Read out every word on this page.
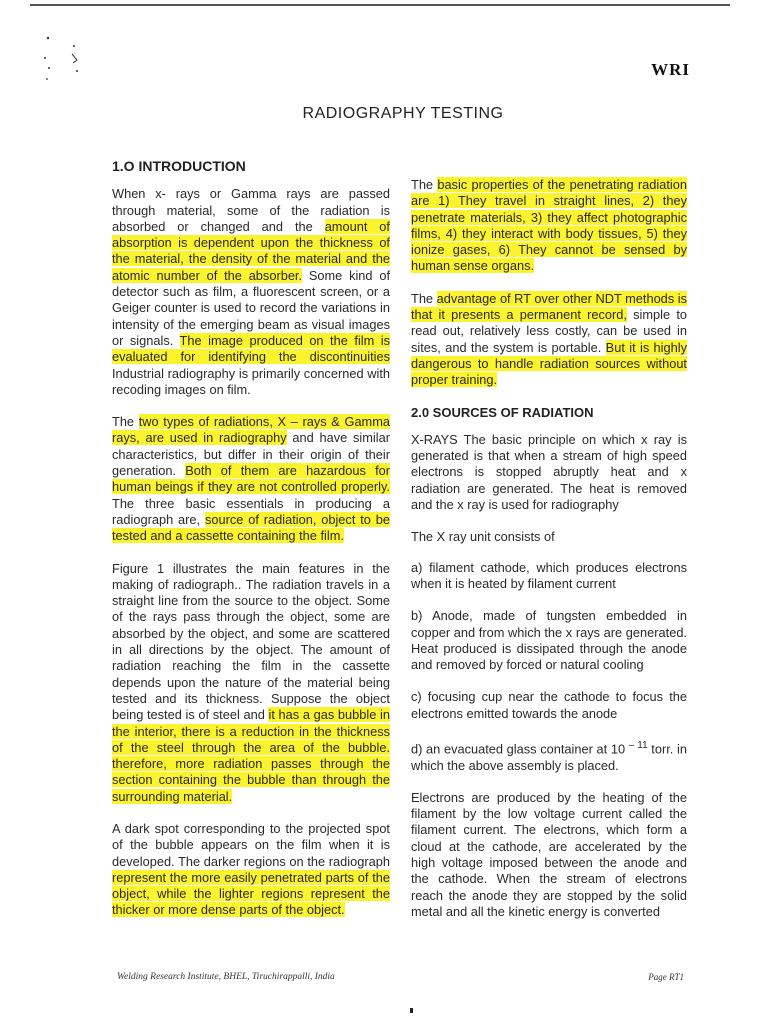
WRI
RADIOGRAPHY TESTING
1.O INTRODUCTION

When x- rays or Gamma rays are passed through material, some of the radiation is absorbed or changed and the amount of absorption is dependent upon the thickness of the material, the density of the material and the atomic number of the absorber. Some kind of detector such as film, a fluorescent screen, or a Geiger counter is used to record the variations in intensity of the emerging beam as visual images or signals. The image produced on the film is evaluated for identifying the discontinuities Industrial radiography is primarily concerned with recoding images on film.

The two types of radiations, X – rays & Gamma rays, are used in radiography and have similar characteristics, but differ in their origin of their generation. Both of them are hazardous for human beings if they are not controlled properly. The three basic essentials in producing a radiograph are, source of radiation, object to be tested and a cassette containing the film.

Figure 1 illustrates the main features in the making of radiograph.. The radiation travels in a straight line from the source to the object. Some of the rays pass through the object, some are absorbed by the object, and some are scattered in all directions by the object. The amount of radiation reaching the film in the cassette depends upon the nature of the material being tested and its thickness. Suppose the object being tested is of steel and it has a gas bubble in the interior, there is a reduction in the thickness of the steel through the area of the bubble. therefore, more radiation passes through the section containing the bubble than through the surrounding material.

A dark spot corresponding to the projected spot of the bubble appears on the film when it is developed. The darker regions on the radiograph represent the more easily penetrated parts of the object, while the lighter regions represent the thicker or more dense parts of the object.

The basic properties of the penetrating radiation are 1) They travel in straight lines, 2) they penetrate materials, 3) they affect photographic films, 4) they interact with body tissues, 5) they ionize gases, 6) They cannot be sensed by human sense organs.

The advantage of RT over other NDT methods is that it presents a permanent record, simple to read out, relatively less costly, can be used in sites, and the system is portable. But it is highly dangerous to handle radiation sources without proper training.

2.0 SOURCES OF RADIATION

X-RAYS The basic principle on which x ray is generated is that when a stream of high speed electrons is stopped abruptly heat and x radiation are generated. The heat is removed and the x ray is used for radiography

The X ray unit consists of

a) filament cathode, which produces electrons when it is heated by filament current

b) Anode, made of tungsten embedded in copper and from which the x rays are generated. Heat produced is dissipated through the anode and removed by forced or natural cooling

c) focusing cup near the cathode to focus the electrons emitted towards the anode

d) an evacuated glass container at 10 $^{- 11}$ torr. in which the above assembly is placed.

Electrons are produced by the heating of the filament by the low voltage current called the filament current. The electrons, which form a cloud at the cathode, are accelerated by the high voltage imposed between the anode and the cathode. When the stream of electrons reach the anode they are stopped by the solid metal and all the kinetic energy is converted

Welding Research Institute, BHEL, Tiruchirappalli, India	Page RT1
